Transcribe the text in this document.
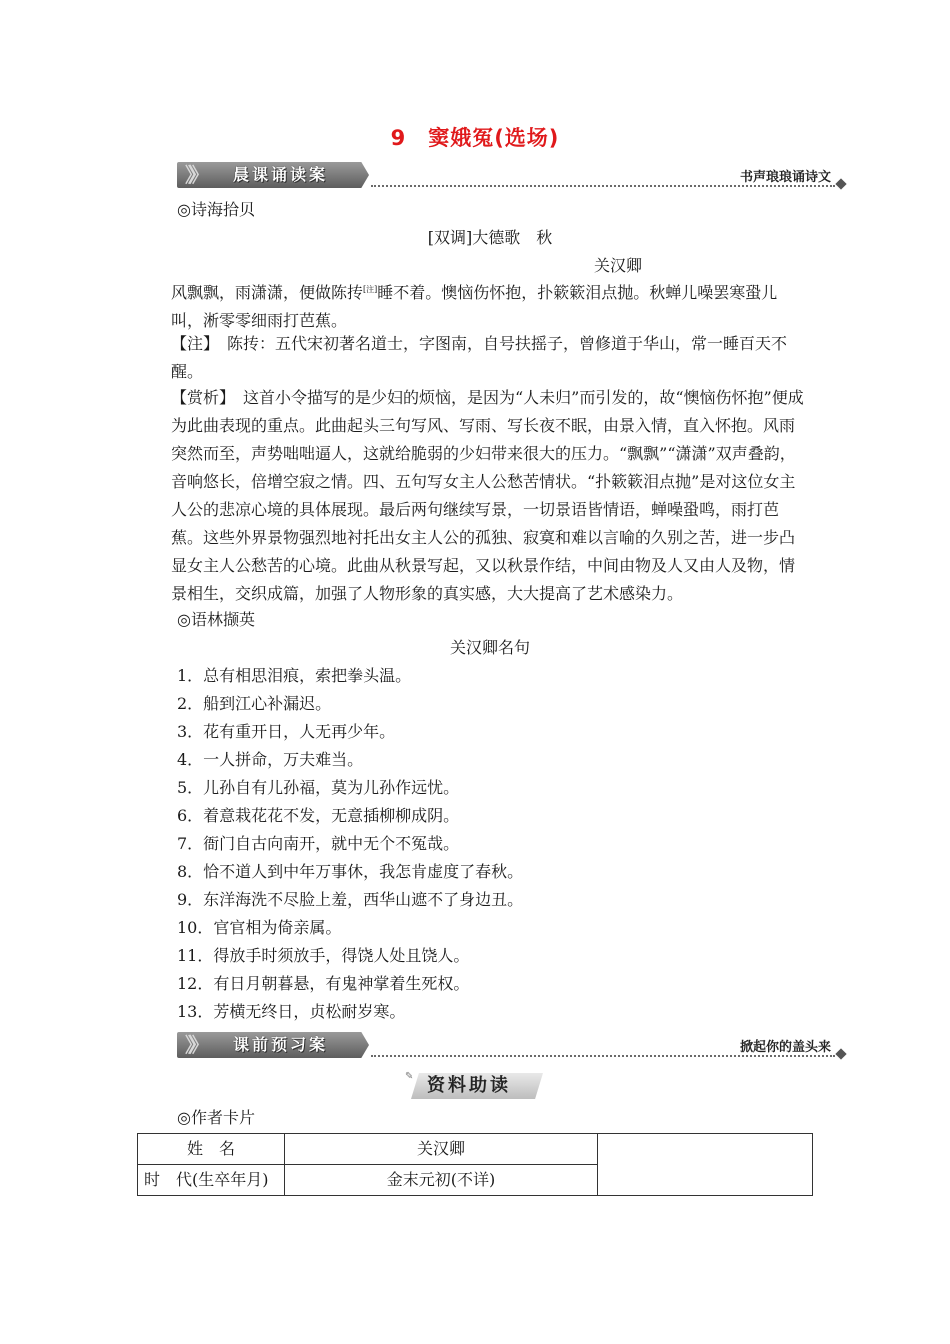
9 窦娥冤(选场)
》》 晨课诵读案	书声琅琅诵诗文
◎诗海拾贝
[双调]大德歌　秋
关汉卿
风飘飘，雨潇潇，便做陈抟[注]睡不着。懊恼伤怀抱，扑簌簌泪点抛。秋蝉儿噪罢寒蛩儿叫，淅零零细雨打芭蕉。
【注】　陈抟：五代宋初著名道士，字图南，自号扶摇子，曾修道于华山，常一睡百天不醒。
【赏析】　这首小令描写的是少妇的烦恼，是因为“人未归”而引发的，故“懊恼伤怀抱”便成为此曲表现的重点。此曲起头三句写风、写雨、写长夜不眠，由景入情，直入怀抱。风雨突然而至，声势咄咄逼人，这就给脆弱的少妇带来很大的压力。“飘飘”“潇潇”双声叠韵，音响悠长，倍增空寂之情。四、五句写女主人公愁苦情状。“扑簌簌泪点抛”是对这位女主人公的悲凉心境的具体展现。最后两句继续写景，一切景语皆情语，蝉噪蛩鸣，雨打芭蕉。这些外界景物强烈地衬托出女主人公的孤独、寂寞和难以言喻的久别之苦，进一步凸显女主人公愁苦的心境。此曲从秋景写起，又以秋景作结，中间由物及人又由人及物，情景相生，交织成篇，加强了人物形象的真实感，大大提高了艺术感染力。
◎语林撷英
关汉卿名句
1．总有相思泪痕，索把拳头温。
2．船到江心补漏迟。
3．花有重开日，人无再少年。
4．一人拼命，万夫难当。
5．儿孙自有儿孙福，莫为儿孙作远忧。
6．着意栽花花不发，无意插柳柳成阴。
7．衙门自古向南开，就中无个不冤哉。
8．恰不道人到中年万事休，我怎肯虚度了春秋。
9．东洋海洗不尽脸上羞，西华山遮不了身边丑。
10．官官相为倚亲属。
11．得放手时须放手，得饶人处且饶人。
12．有日月朝暮悬，有鬼神掌着生死权。
13．芳横无终日，贞松耐岁寒。
》》 课前预习案	掀起你的盖头来
✎ 资料助读
◎作者卡片
姓　名	关汉卿	
时　代(生卒年月)	金末元初(不详)	
